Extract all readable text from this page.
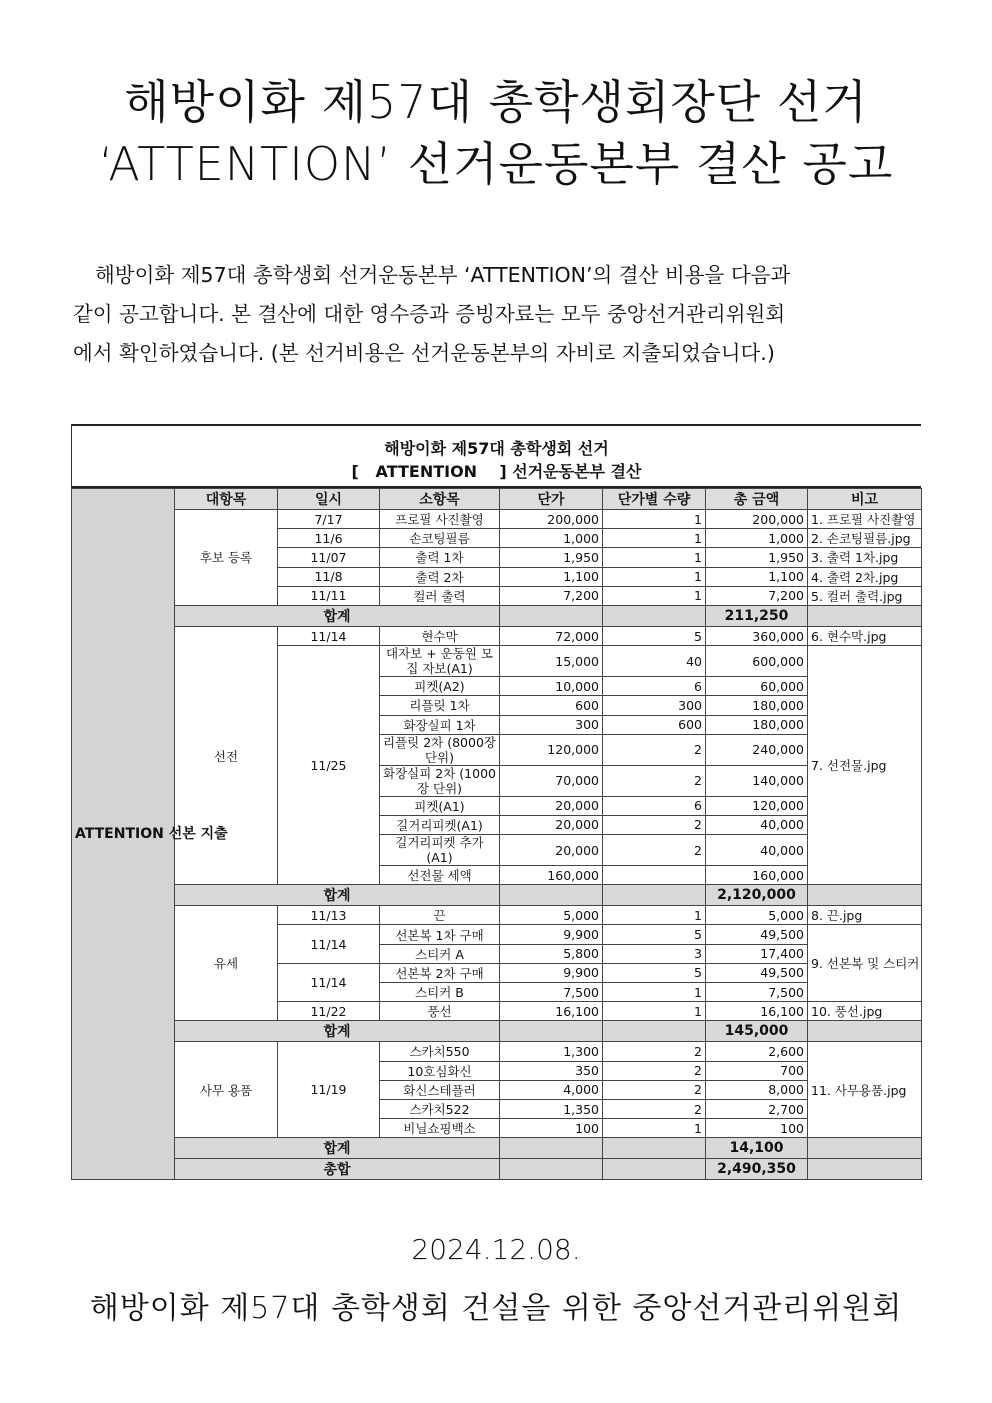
해방이화 제57대 총학생회장단 선거
‘ATTENTION’ 선거운동본부 결산 공고
해방이화 제57대 총학생회 선거운동본부 ‘ATTENTION’의 결산 비용을 다음과
같이 공고합니다. 본 결산에 대한 영수증과 증빙자료는 모두 중앙선거관리위원회
에서 확인하였습니다. (본 선거비용은 선거운동본부의 자비로 지출되었습니다.)
해방이화 제57대 총학생회 선거
[   ATTENTION    ] 선거운동본부 결산
ATTENTION 선본 지출	대항목	일시	소항목	단가	단가별 수량	총 금액	비고
	후보 등록	7/17	프로필 사진촬영	200,000	1	200,000	1. 프로필 사진촬영
		11/6	손코팅필름	1,000	1	1,000	2. 손코팅필름.jpg
		11/07	출력 1차	1,950	1	1,950	3. 출력 1차.jpg
		11/8	출력 2차	1,100	1	1,100	4. 출력 2차.jpg
		11/11	컬러 출력	7,200	1	7,200	5. 컬러 출력.jpg
	합계					211,250	
	선전	11/14	현수막	72,000	5	360,000	6. 현수막.jpg
		11/25	대자보 + 운동원 모집 자보(A1)	15,000	40	600,000	7. 선전물.jpg
			피켓(A2)	10,000	6	60,000	
			리플릿 1차	600	300	180,000	
			화장실피 1차	300	600	180,000	
			리플릿 2차 (8000장 단위)	120,000	2	240,000	
			화장실피 2차 (1000장 단위)	70,000	2	140,000	
			피켓(A1)	20,000	6	120,000	
			길거리피켓(A1)	20,000	2	40,000	
			길거리피켓 추가 (A1)	20,000	2	40,000	
			선전물 세액	160,000		160,000	
	합계					2,120,000	
	유세	11/13	끈	5,000	1	5,000	8. 끈.jpg
		11/14	선본복 1차 구매	9,900	5	49,500	9. 선본복 및 스티커
			스티커 A	5,800	3	17,400	
		11/14	선본복 2차 구매	9,900	5	49,500	
			스티커 B	7,500	1	7,500	
		11/22	풍선	16,100	1	16,100	10. 풍선.jpg
	합계					145,000	
	사무 용품	11/19	스카치550	1,300	2	2,600	11. 사무용품.jpg
			10호심화신	350	2	700	
			화신스테플러	4,000	2	8,000	
			스카치522	1,350	2	2,700	
			비닐쇼핑백소	100	1	100	
	합계					14,100	
	총합					2,490,350	
2024.12.08.
해방이화 제57대 총학생회 건설을 위한 중앙선거관리위원회
